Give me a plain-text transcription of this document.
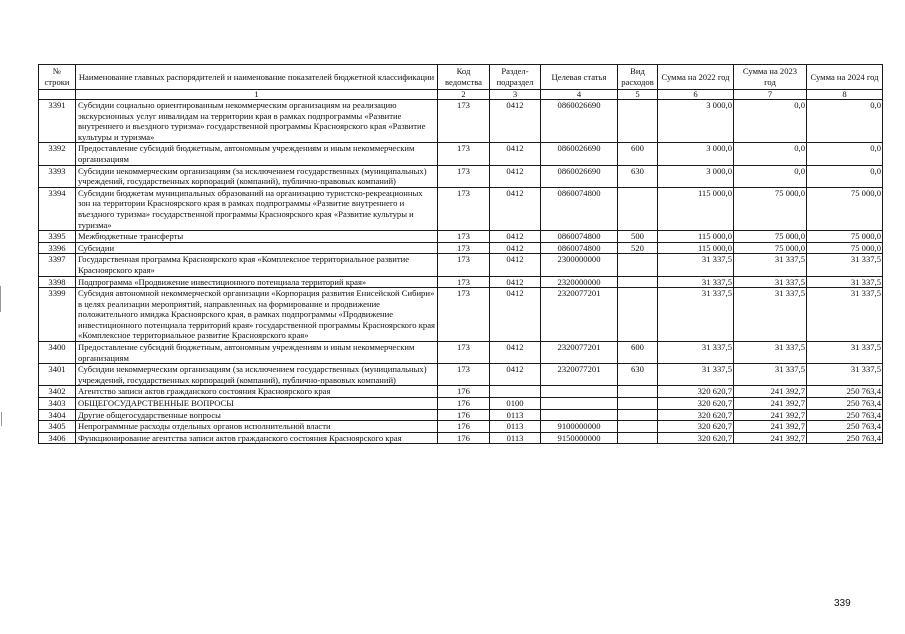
№ строки	Наименование главных распорядителей и наименование показателей бюджетной классификации	Код ведомства	Раздел-подраздел	Целевая статья	Вид расходов	Сумма на 2022 год	Сумма на 2023 год	Сумма на 2024 год
	1	2	3	4	5	6	7	8
3391	Субсидии социально ориентированным некоммерческим организациям на реализацию экскурсионных услуг инвалидам на территории края в рамках подпрограммы «Развитие внутреннего и въездного туризма» государственной программы Красноярского края «Развитие культуры и туризма»	173	0412	0860026690		3 000,0	0,0	0,0
3392	Предоставление субсидий бюджетным, автономным учреждениям и иным некоммерческим организациям	173	0412	0860026690	600	3 000,0	0,0	0,0
3393	Субсидии некоммерческим организациям (за исключением государственных (муниципальных) учреждений, государственных корпораций (компаний), публично-правовых компаний)	173	0412	0860026690	630	3 000,0	0,0	0,0
3394	Субсидии бюджетам муниципальных образований на организацию туристско-рекреационных зон на территории Красноярского края в рамках подпрограммы «Развитие внутреннего и въездного туризма» государственной программы Красноярского края «Развитие культуры и туризма»	173	0412	0860074800		115 000,0	75 000,0	75 000,0
3395	Межбюджетные трансферты	173	0412	0860074800	500	115 000,0	75 000,0	75 000,0
3396	Субсидии	173	0412	0860074800	520	115 000,0	75 000,0	75 000,0
3397	Государственная программа Красноярского края «Комплексное территориальное развитие Красноярского края»	173	0412	2300000000		31 337,5	31 337,5	31 337,5
3398	Подпрограмма «Продвижение инвестиционного потенциала территорий края»	173	0412	2320000000		31 337,5	31 337,5	31 337,5
3399	Субсидия автономной некоммерческой организации «Корпорация развития Енисейской Сибири» в целях реализации мероприятий, направленных на формирование и продвижение положительного имиджа Красноярского края, в рамках подпрограммы «Продвижение инвестиционного потенциала территорий края» государственной программы Красноярского края «Комплексное территориальное развитие Красноярского края»	173	0412	2320077201		31 337,5	31 337,5	31 337,5
3400	Предоставление субсидий бюджетным, автономным учреждениям и иным некоммерческим организациям	173	0412	2320077201	600	31 337,5	31 337,5	31 337,5
3401	Субсидии некоммерческим организациям (за исключением государственных (муниципальных) учреждений, государственных корпораций (компаний), публично-правовых компаний)	173	0412	2320077201	630	31 337,5	31 337,5	31 337,5
3402	Агентство записи актов гражданского состояния Красноярского края	176				320 620,7	241 392,7	250 763,4
3403	ОБЩЕГОСУДАРСТВЕННЫЕ ВОПРОСЫ	176	0100			320 620,7	241 392,7	250 763,4
3404	Другие общегосударственные вопросы	176	0113			320 620,7	241 392,7	250 763,4
3405	Непрограммные расходы отдельных органов исполнительной власти	176	0113	9100000000		320 620,7	241 392,7	250 763,4
3406	Функционирование агентства записи актов гражданского состояния Красноярского края	176	0113	9150000000		320 620,7	241 392,7	250 763,4
339
